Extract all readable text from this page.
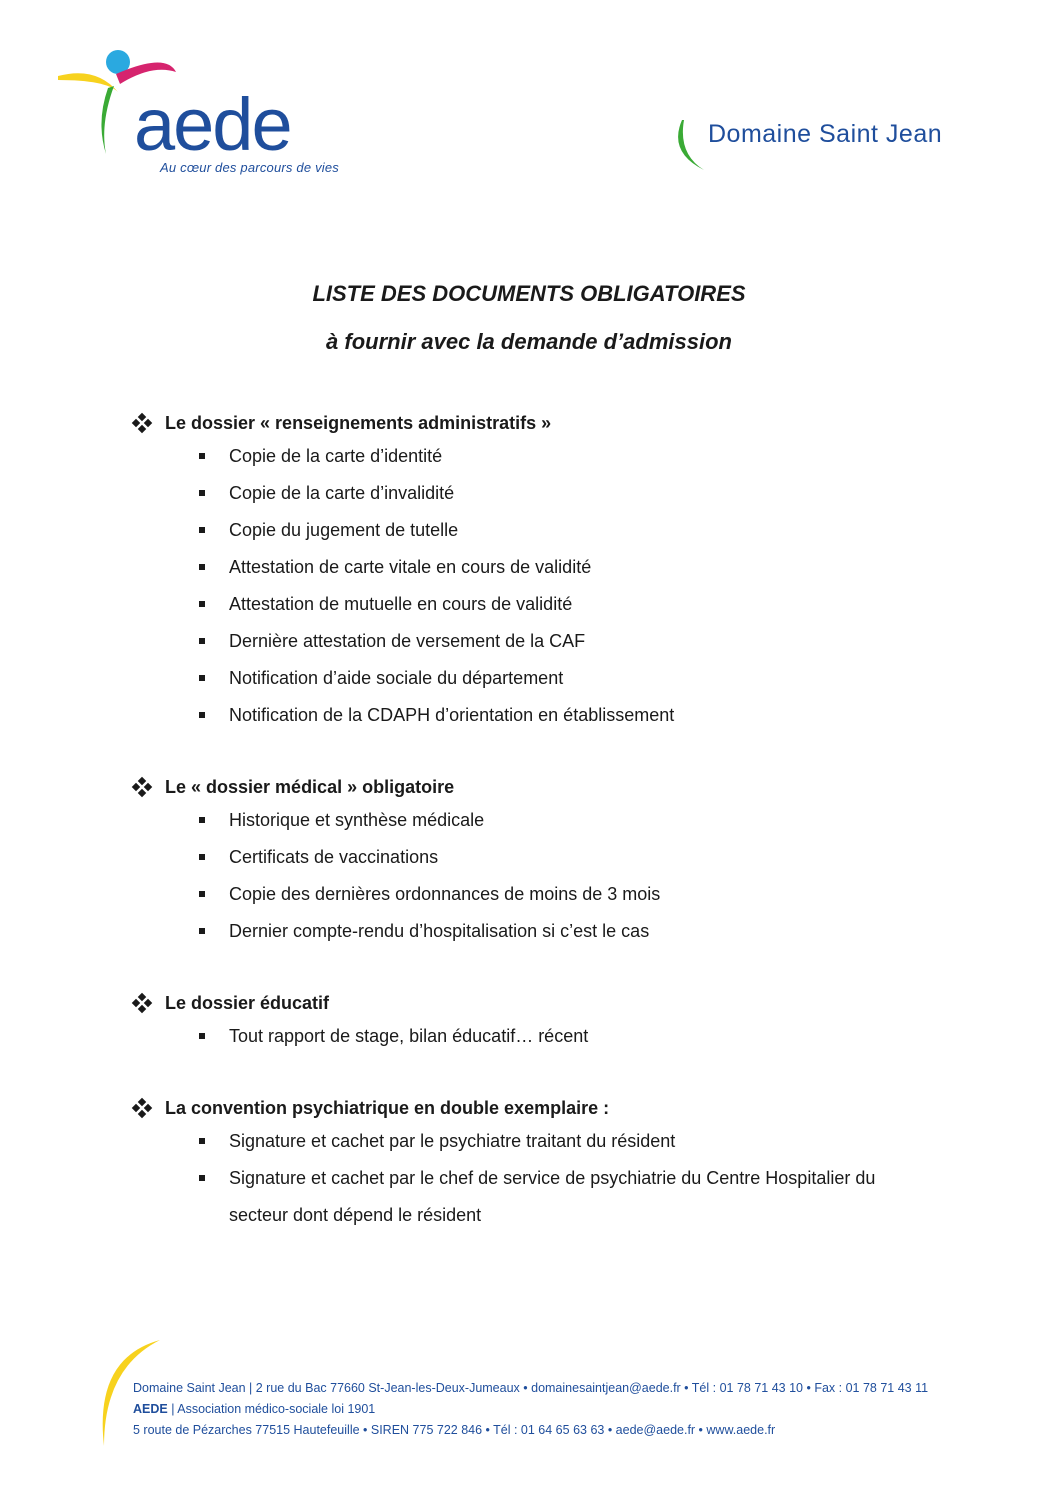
aede
Au cœur des parcours de vies
Domaine Saint Jean
LISTE DES DOCUMENTS OBLIGATOIRES
à fournir avec la demande d’admission
Le dossier « renseignements administratifs »
Copie de la carte d’identité
Copie de la carte d’invalidité
Copie du jugement de tutelle
Attestation de carte vitale en cours de validité
Attestation de mutuelle en cours de validité
Dernière attestation de versement de la CAF
Notification d’aide sociale du département
Notification de la CDAPH d’orientation en établissement
Le « dossier médical » obligatoire
Historique et synthèse médicale
Certificats de vaccinations
Copie des dernières ordonnances de moins de 3 mois
Dernier compte-rendu d’hospitalisation si c’est le cas
Le dossier éducatif
Tout rapport de stage, bilan éducatif… récent
La convention psychiatrique en double exemplaire :
Signature et cachet par le psychiatre traitant du résident
Signature et cachet par le chef de service de psychiatrie du Centre Hospitalier du secteur dont dépend le résident
Domaine Saint Jean | 2 rue du Bac 77660 St-Jean-les-Deux-Jumeaux • domainesaintjean@aede.fr • Tél : 01 78 71 43 10 • Fax : 01 78 71 43 11
AEDE | Association médico-sociale loi 1901
5 route de Pézarches 77515 Hautefeuille • SIREN 775 722 846 • Tél : 01 64 65 63 63 • aede@aede.fr • www.aede.fr
